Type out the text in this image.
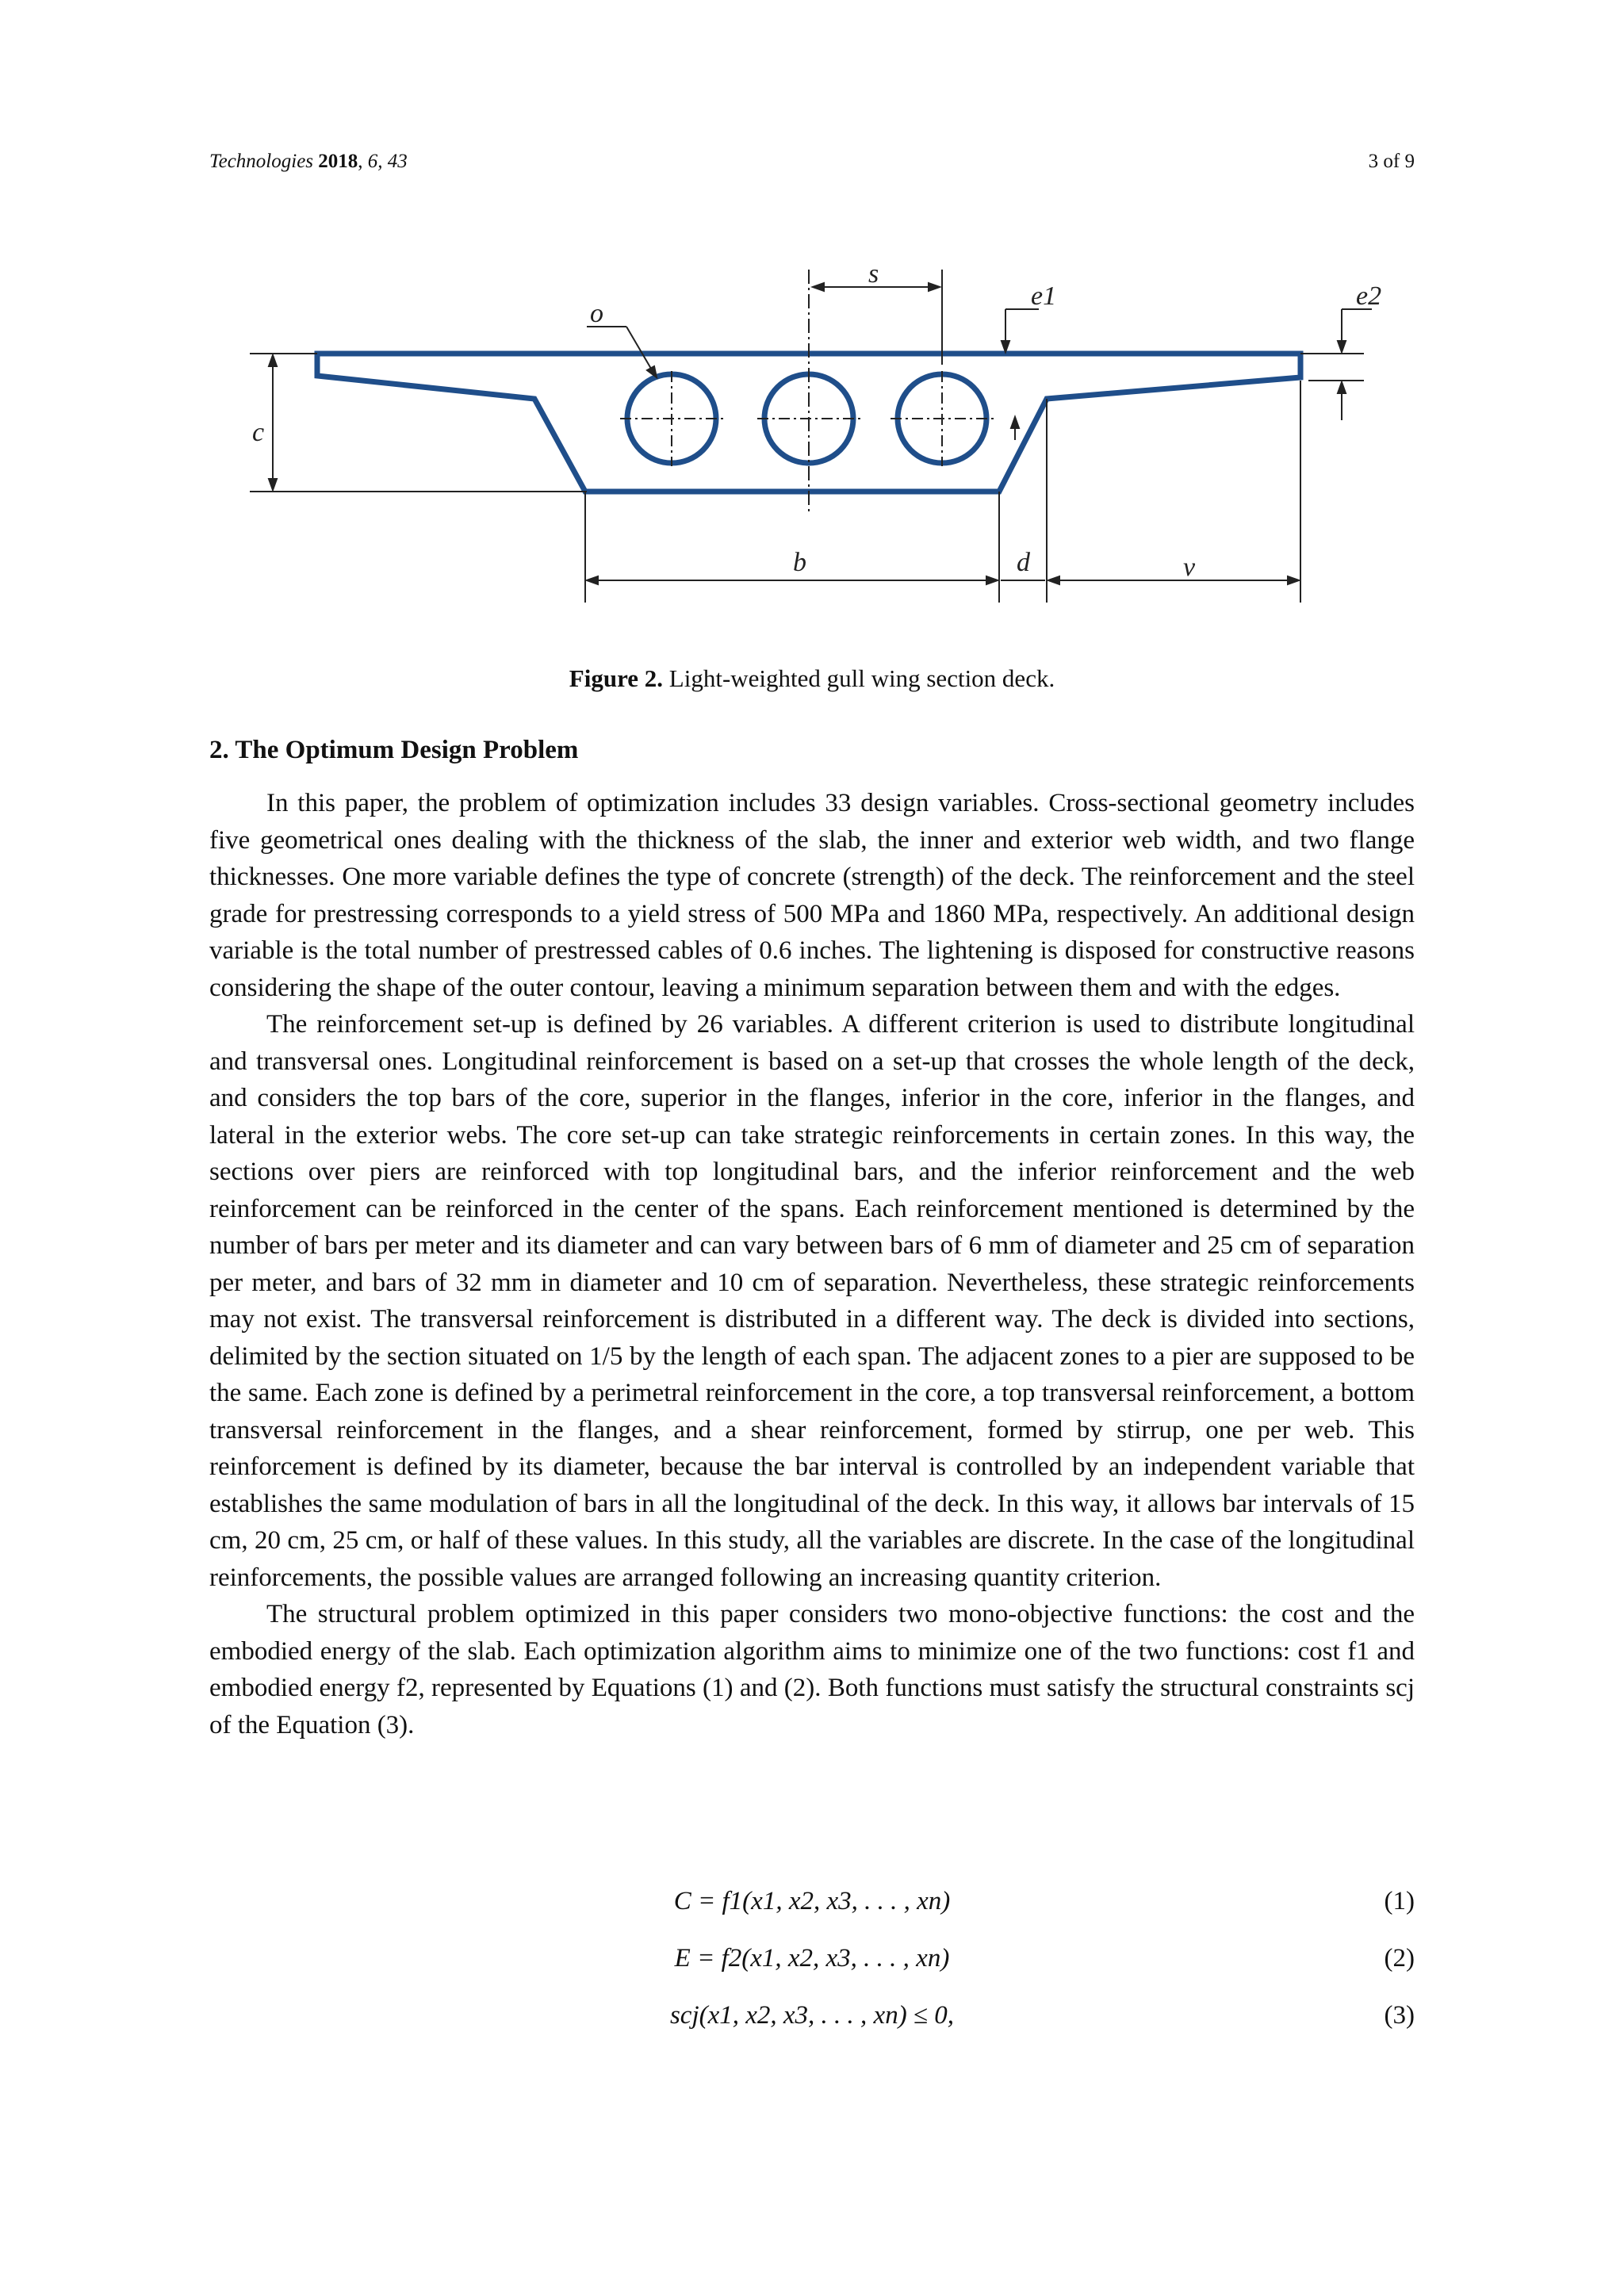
Technologies 2018, 6, 43	3 of 9
s
e1	e2
o
c
b	d	v
Figure 2. Light-weighted gull wing section deck.
2. The Optimum Design Problem

In this paper, the problem of optimization includes 33 design variables. Cross-sectional geometry includes five geometrical ones dealing with the thickness of the slab, the inner and exterior web width, and two flange thicknesses. One more variable defines the type of concrete (strength) of the deck. The reinforcement and the steel grade for prestressing corresponds to a yield stress of 500 MPa and 1860 MPa, respectively. An additional design variable is the total number of prestressed cables of 0.6 inches. The lightening is disposed for constructive reasons considering the shape of the outer contour, leaving a minimum separation between them and with the edges.

The reinforcement set-up is defined by 26 variables. A different criterion is used to distribute longitudinal and transversal ones. Longitudinal reinforcement is based on a set-up that crosses the whole length of the deck, and considers the top bars of the core, superior in the flanges, inferior in the core, inferior in the flanges, and lateral in the exterior webs. The core set-up can take strategic reinforcements in certain zones. In this way, the sections over piers are reinforced with top longitudinal bars, and the inferior reinforcement and the web reinforcement can be reinforced in the center of the spans. Each reinforcement mentioned is determined by the number of bars per meter and its diameter and can vary between bars of 6 mm of diameter and 25 cm of separation per meter, and bars of 32 mm in diameter and 10 cm of separation. Nevertheless, these strategic reinforcements may not exist. The transversal reinforcement is distributed in a different way. The deck is divided into sections, delimited by the section situated on 1/5 by the length of each span. The adjacent zones to a pier are supposed to be the same. Each zone is defined by a perimetral reinforcement in the core, a top transversal reinforcement, a bottom transversal reinforcement in the flanges, and a shear reinforcement, formed by stirrup, one per web. This reinforcement is defined by its diameter, because the bar interval is controlled by an independent variable that establishes the same modulation of bars in all the longitudinal of the deck. In this way, it allows bar intervals of 15 cm, 20 cm, 25 cm, or half of these values. In this study, all the variables are discrete. In the case of the longitudinal reinforcements, the possible values are arranged following an increasing quantity criterion.

The structural problem optimized in this paper considers two mono-objective functions: the cost and the embodied energy of the slab. Each optimization algorithm aims to minimize one of the two functions: cost f1 and embodied energy f2, represented by Equations (1) and (2). Both functions must satisfy the structural constraints scj of the Equation (3).

C = f1(x1, x2, x3, . . . , xn)	(1)
E = f2(x1, x2, x3, . . . , xn)	(2)
scj(x1, x2, x3, . . . , xn) ≤ 0,	(3)
